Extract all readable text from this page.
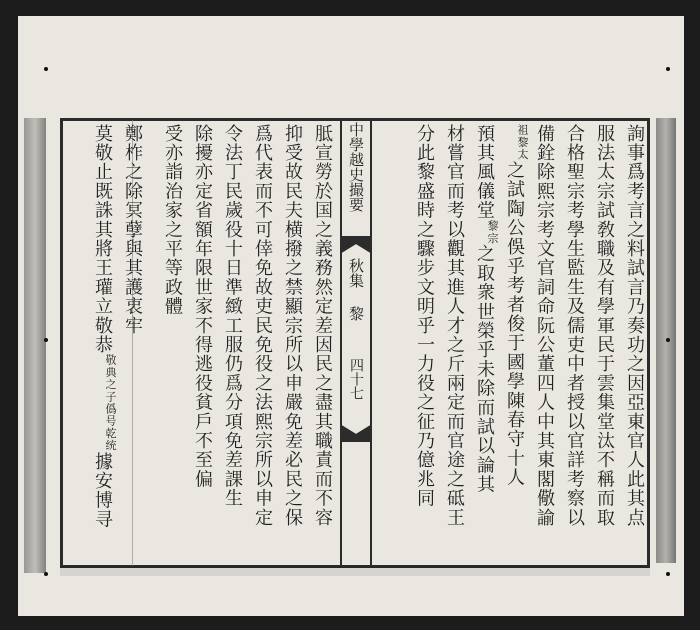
中學越史撮要
秋集 黎
四十七	詢事爲考言之料試言乃奏功之因亞東官人此其点
服法太宗試敎職及有學軍民于雲集堂汰不稱而取
合格聖宗考學生監生及儒吏中者授以官詳考察以
備銓除熙宗考文官詞命阮公董四人中其東閣儆諭
祖黎太之試陶公俁乎考者俊于國學陳春守十人
預其風儀堂黎宗之取衆世榮乎未除而試以論其
材嘗官而考以觀其進人才之斤兩定而官途之砥王
分此黎盛時之驟步文明乎一力役之征乃億兆同
胝宣勞於国之義務然定差因民之盡其職責而不容
抑受故民夫横撥之禁顯宗所以申嚴免差必民之保
爲代表而不可倖免故吏民免役之法熙宗所以申定
令法丁民歲役十日準緻工服仍爲分項免差課生
除擾亦定省額年限世家不得逃役貧戶不至偏
受亦詣治家之平等政體
鄭柞之除冥孽與其護衷牢
莫敬止既誅其將王瓘立敬恭敬典之子僞号乾统據安博寻
